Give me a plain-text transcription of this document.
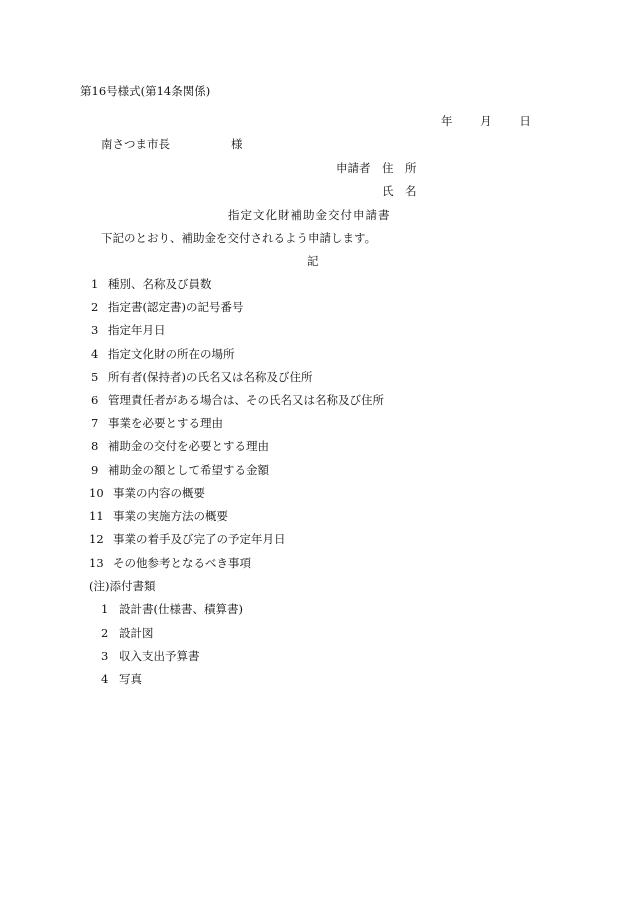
第16号様式(第14条関係)
年 月 日
南さつま市長	様
申請者 住　所
氏　名
指定文化財補助金交付申請書
下記のとおり、補助金を交付されるよう申請します。
記
1 種別、名称及び員数
2 指定書(認定書)の記号番号
3 指定年月日
4 指定文化財の所在の場所
5 所有者(保持者)の氏名又は名称及び住所
6 管理責任者がある場合は、その氏名又は名称及び住所
7 事業を必要とする理由
8 補助金の交付を必要とする理由
9 補助金の額として希望する金額
10 事業の内容の概要
11 事業の実施方法の概要
12 事業の着手及び完了の予定年月日
13 その他参考となるべき事項
(注)添付書類
1 設計書(仕様書、積算書)
2 設計図
3 収入支出予算書
4 写真
